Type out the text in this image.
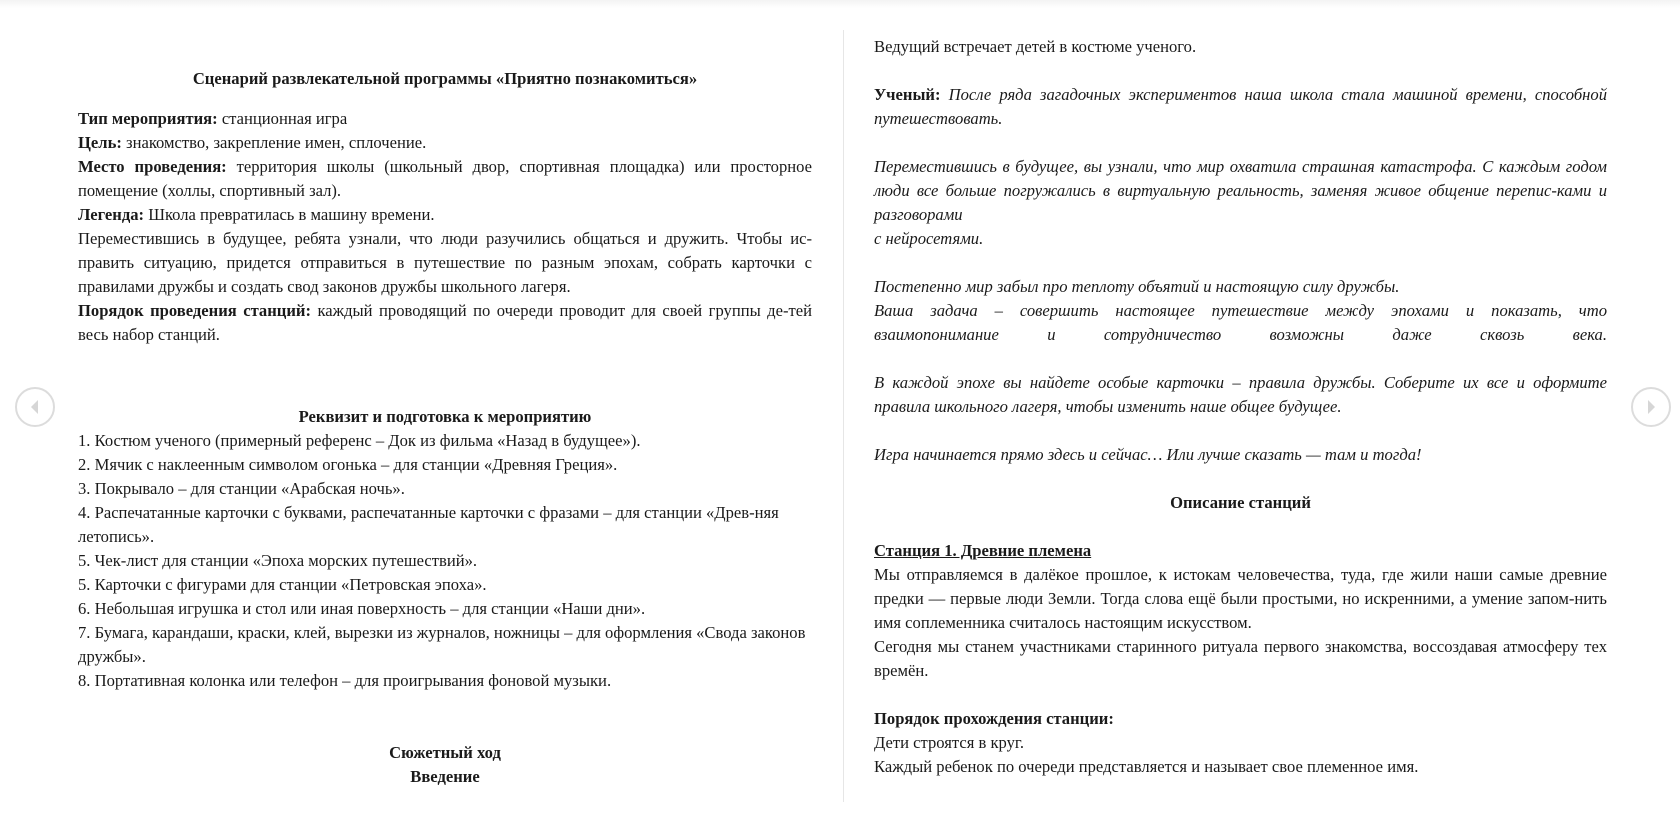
Сценарий развлекательной программы «Приятно познакомиться»

Тип мероприятия: станционная игра

Цель: знакомство, закрепление имен, сплочение.

Место проведения: территория школы (школьный двор, спортивная площадка) или просторное помещение (холлы, спортивный зал).

Легенда: Школа превратилась в машину времени.

Переместившись в будущее, ребята узнали, что люди разучились общаться и дружить. Чтобы ис-править ситуацию, придется отправиться в путешествие по разным эпохам, собрать карточки с правилами дружбы и создать свод законов дружбы школьного лагеря.

Порядок проведения станций: каждый проводящий по очереди проводит для своей группы де-тей весь набор станций.

Реквизит и подготовка к мероприятию

1. Костюм ученого (примерный референс – Док из фильма «Назад в будущее»).

2. Мячик с наклеенным символом огонька – для станции «Древняя Греция».

3. Покрывало – для станции «Арабская ночь».

4. Распечатанные карточки с буквами, распечатанные карточки с фразами – для станции «Древ-няя летопись».

5. Чек-лист для станции «Эпоха морских путешествий».

5. Карточки с фигурами для станции «Петровская эпоха».

6. Небольшая игрушка и стол или иная поверхность – для станции «Наши дни».

7. Бумага, карандаши, краски, клей, вырезки из журналов, ножницы – для оформления «Свода законов дружбы».

8. Портативная колонка или телефон – для проигрывания фоновой музыки.

Сюжетный ход

Введение

Ведущий встречает детей в костюме ученого.

Ученый: После ряда загадочных экспериментов наша школа стала машиной времени, способной путешествовать.

Переместившись в будущее, вы узнали, что мир охватила страшная катастрофа. С каждым годом люди все больше погружались в виртуальную реальность, заменяя живое общение перепис-ками и разговорами

с нейросетями.

Постепенно мир забыл про теплоту объятий и настоящую силу дружбы.

Ваша задача – совершить настоящее путешествие между эпохами и показать, что взаимопонимание и сотрудничество возможны даже сквозь века.

В каждой эпохе вы найдете особые карточки – правила дружбы. Соберите их все и оформите правила школьного лагеря, чтобы изменить наше общее будущее.

Игра начинается прямо здесь и сейчас… Или лучше сказать — там и тогда!

Описание станций

Станция 1. Древние племена

Мы отправляемся в далёкое прошлое, к истокам человечества, туда, где жили наши самые древние предки — первые люди Земли. Тогда слова ещё были простыми, но искренними, а умение запом-нить имя соплеменника считалось настоящим искусством.

Сегодня мы станем участниками старинного ритуала первого знакомства, воссоздавая атмосферу тех времён.

Порядок прохождения станции:

Дети строятся в круг.

Каждый ребенок по очереди представляется и называет свое племенное имя.
